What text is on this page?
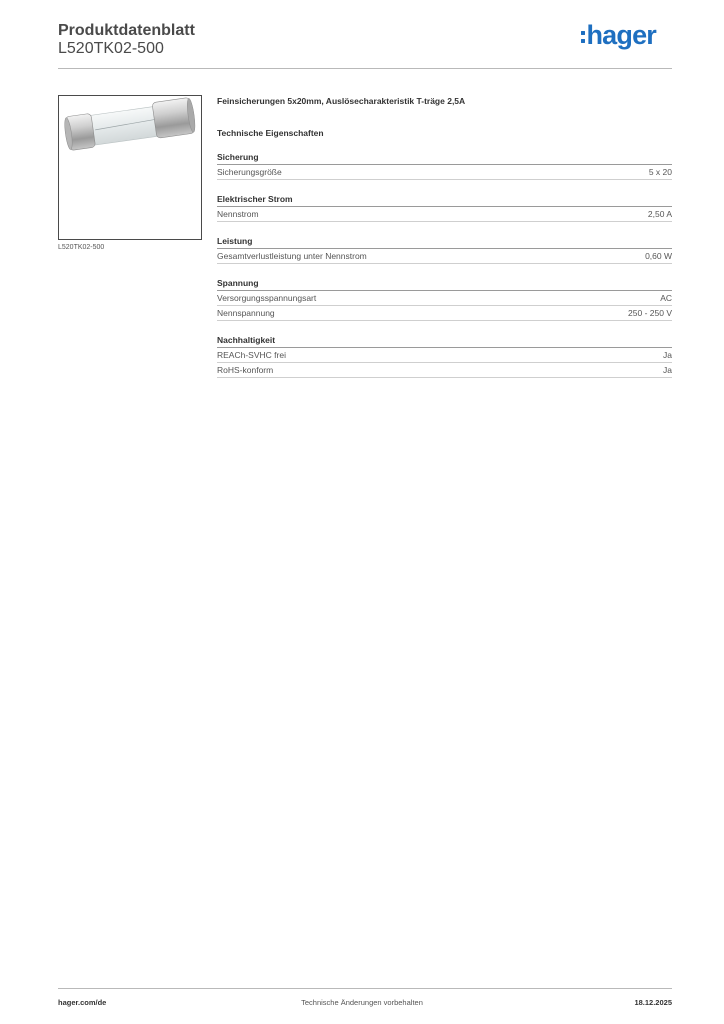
Produktdatenblatt
L520TK02-500	hager
L520TK02-500
Feinsicherungen 5x20mm, Auslösecharakteristik T-träge 2,5A
Technische Eigenschaften
Sicherung
Sicherungsgröße	5 x 20
Elektrischer Strom
Nennstrom	2,50 A
Leistung
Gesamtverlustleistung unter Nennstrom	0,60 W
Spannung
Versorgungsspannungsart	AC
Nennspannung	250 - 250 V
Nachhaltigkeit
REACh-SVHC frei	Ja
RoHS-konform	Ja
hager.com/de	Technische Änderungen vorbehalten	18.12.2025
